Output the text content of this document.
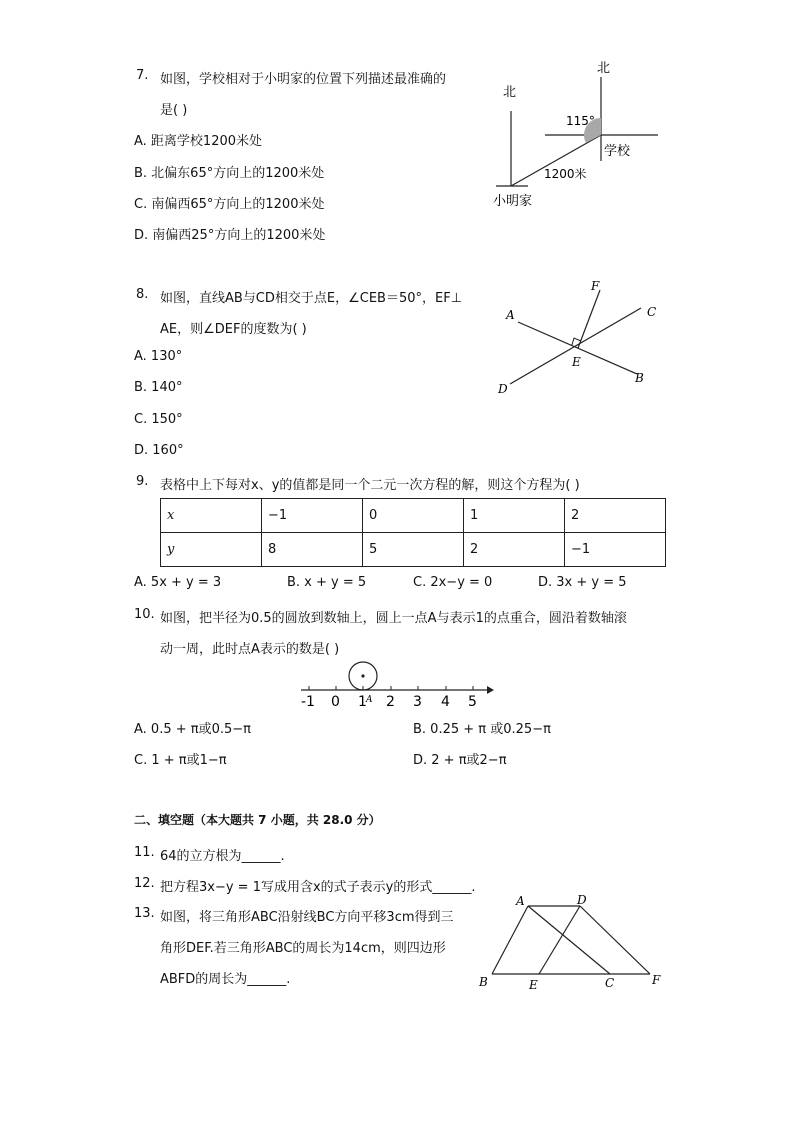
7. 如图，学校相对于小明家的位置下列描述最准确的
是( )
A. 距离学校1200米处
B. 北偏东65°方向上的1200米处
C. 南偏西65°方向上的1200米处
D. 南偏西25°方向上的1200米处
北
北
115°
学校
1200米
小明家
8. 如图，直线AB与CD相交于点E，∠CEB＝50°，EF⊥
AE，则∠DEF的度数为( )
A. 130°
B. 140°
C. 150°
D. 160°
F
A	C
E
B
D
9. 表格中上下每对x、y的值都是同一个二元一次方程的解，则这个方程为( )
x	−1	0	1	2
y	8	5	2	−1
A. 5x + y = 3	B. x + y = 5	C. 2x−y = 0	D. 3x + y = 5
10. 如图，把半径为0.5的圆放到数轴上，圆上一点A与表示1的点重合，圆沿着数轴滚
动一周，此时点A表示的数是( )
-1 0 1 2 3 4 5
A
A. 0.5 + π或0.5−π	B. 0.25 + π 或0.25−π
C. 1 + π或1−π	D. 2 + π或2−π
二、填空题（本大题共 7 小题，共 28.0 分）
11. 64的立方根为______.
12. 把方程3x−y = 1写成用含x的式子表示y的形式______.
13. 如图，将三角形ABC沿射线BC方向平移3cm得到三
角形DEF.若三角形ABC的周长为14cm，则四边形
ABFD的周长为______.
A	D
B	E	C	F
